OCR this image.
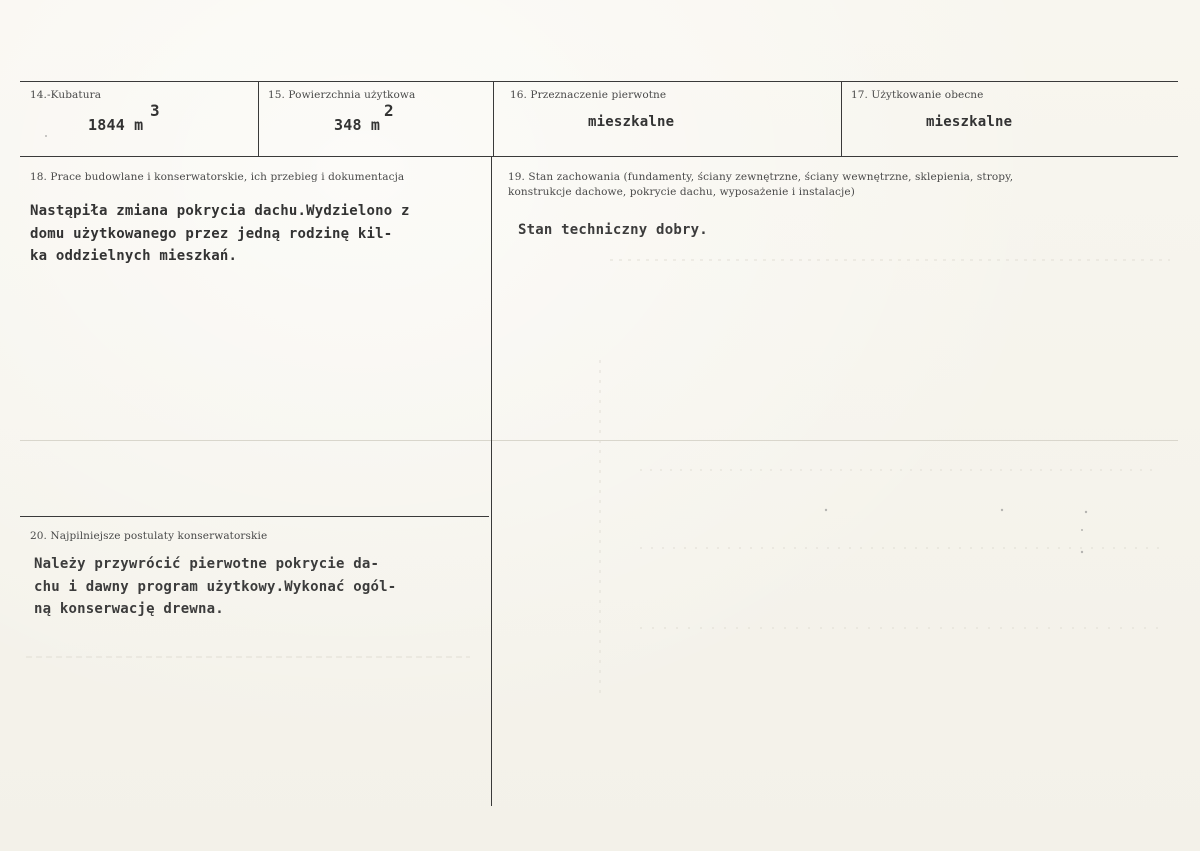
14.-Kubatura
1844 m
3
15. Powierzchnia użytkowa
348 m
2
16. Przeznaczenie pierwotne
mieszkalne
17. Użytkowanie obecne
mieszkalne
18. Prace budowlane i konserwatorskie, ich przebieg i dokumentacja
Nastąpiła zmiana pokrycia dachu.Wydzielono z
domu użytkowanego przez jedną rodzinę kil-
ka oddzielnych mieszkań.
19. Stan zachowania (fundamenty, ściany zewnętrzne, ściany wewnętrzne, sklepienia, stropy,
konstrukcje dachowe, pokrycie dachu, wyposażenie i instalacje)
Stan techniczny dobry.
20. Najpilniejsze postulaty konserwatorskie
Należy przywrócić pierwotne pokrycie da-
chu i dawny program użytkowy.Wykonać ogól-
ną konserwację drewna.
